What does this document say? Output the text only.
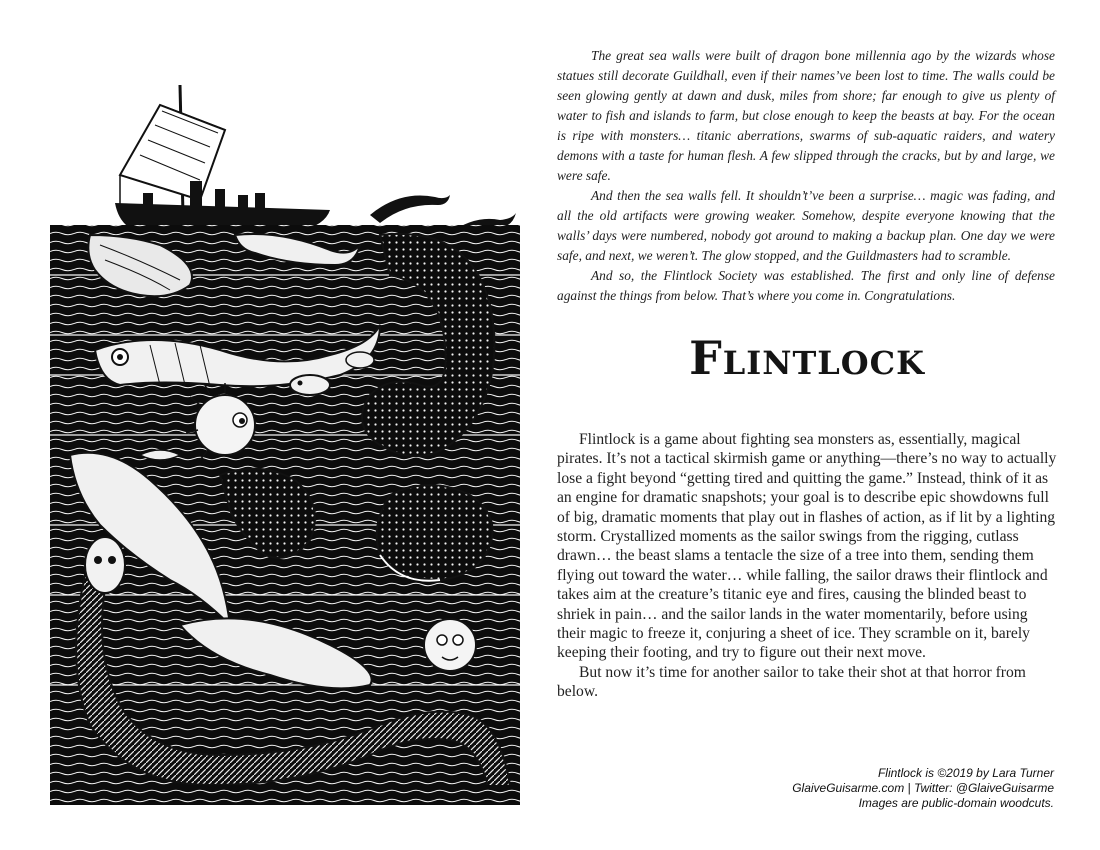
The great sea walls were built of dragon bone millennia ago by the wizards whose statues still decorate Guildhall, even if their names’ve been lost to time. The walls could be seen glowing gently at dawn and dusk, miles from shore; far enough to give us plenty of water to fish and islands to farm, but close enough to keep the beasts at bay. For the ocean is ripe with monsters… titanic aberrations, swarms of sub-aquatic raiders, and watery demons with a taste for human flesh. A few slipped through the cracks, but by and large, we were safe.

And then the sea walls fell. It shouldn’t’ve been a surprise… magic was fading, and all the old artifacts were growing weaker. Somehow, despite everyone knowing that the walls’ days were numbered, nobody got around to making a backup plan. One day we were safe, and next, we weren’t. The glow stopped, and the Guildmasters had to scramble.

And so, the Flintlock Society was established. The first and only line of defense against the things from below. That’s where you come in. Congratulations.

Flintlock

Flintlock is a game about fighting sea monsters as, essentially, magical pirates. It’s not a tactical skirmish game or anything—there’s no way to actually lose a fight beyond “getting tired and quitting the game.” Instead, think of it as an engine for dramatic snapshots; your goal is to describe epic showdowns full of big, dramatic moments that play out in flashes of action, as if lit by a lighting storm. Crystallized moments as the sailor swings from the rigging, cutlass drawn… the beast slams a tentacle the size of a tree into them, sending them flying out toward the water… while falling, the sailor draws their flintlock and takes aim at the creature’s titanic eye and fires, causing the blinded beast to shriek in pain… and the sailor lands in the water momentarily, before using their magic to freeze it, conjuring a sheet of ice. They scramble on it, barely keeping their footing, and try to figure out their next move.

But now it’s time for another sailor to take their shot at that horror from below.

Flintlock is ©2019 by Lara Turner
GlaiveGuisarme.com | Twitter: @GlaiveGuisarme
Images are public-domain woodcuts.
